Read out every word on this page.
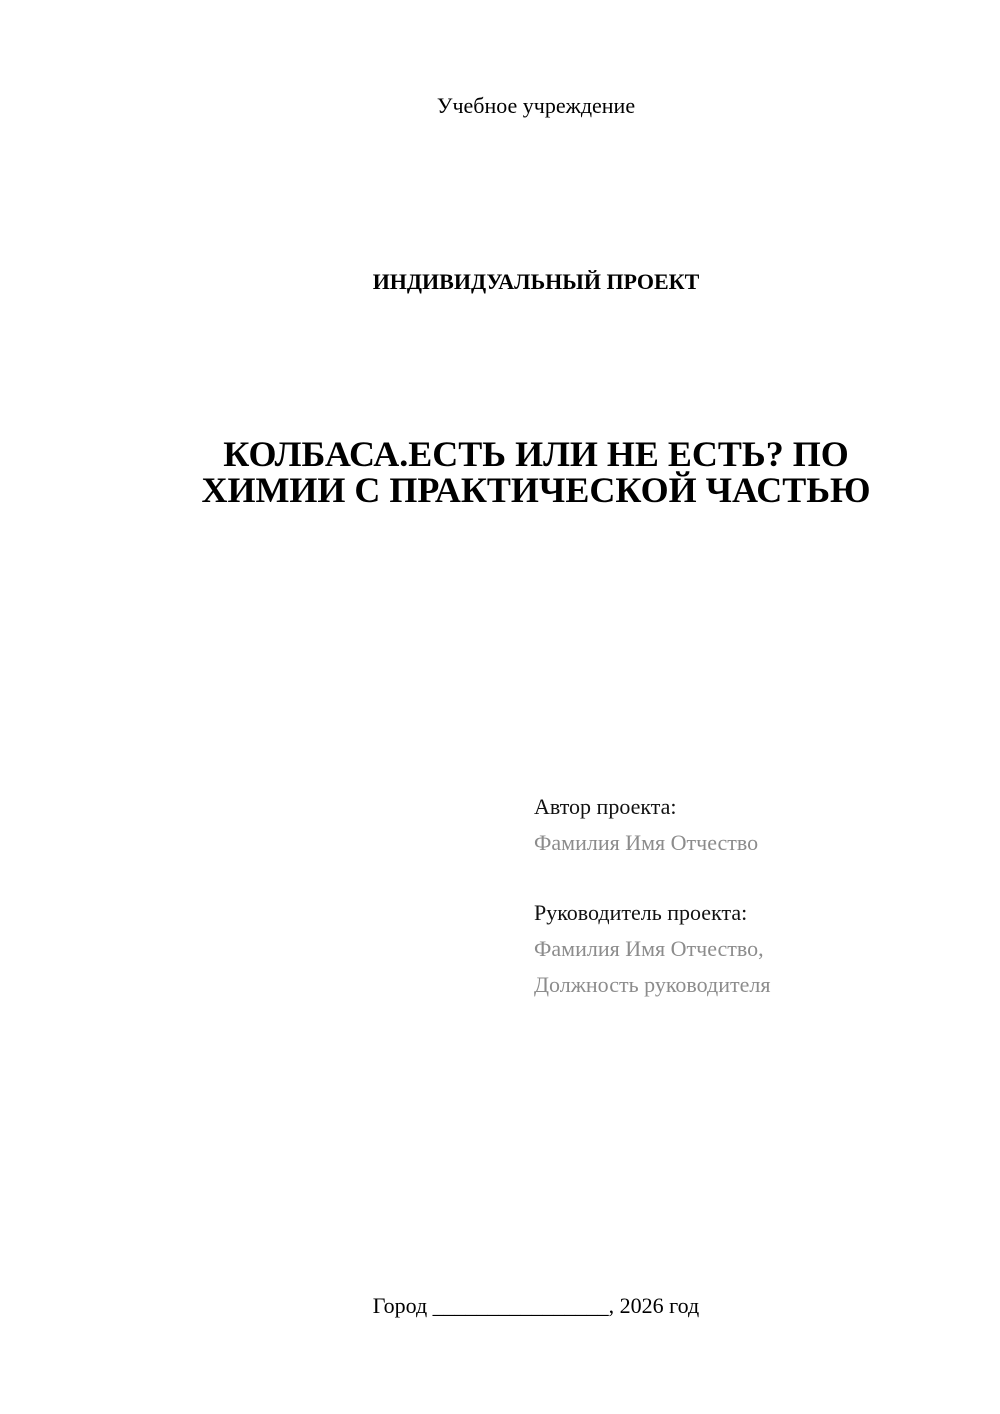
Учебное учреждение
ИНДИВИДУАЛЬНЫЙ ПРОЕКТ
КОЛБАСА.ЕСТЬ ИЛИ НЕ ЕСТЬ? ПО
ХИМИИ С ПРАКТИЧЕСКОЙ ЧАСТЬЮ
Автор проекта:
Фамилия Имя Отчество
Руководитель проекта:
Фамилия Имя Отчество,
Должность руководителя
Город ________________, 2026 год
